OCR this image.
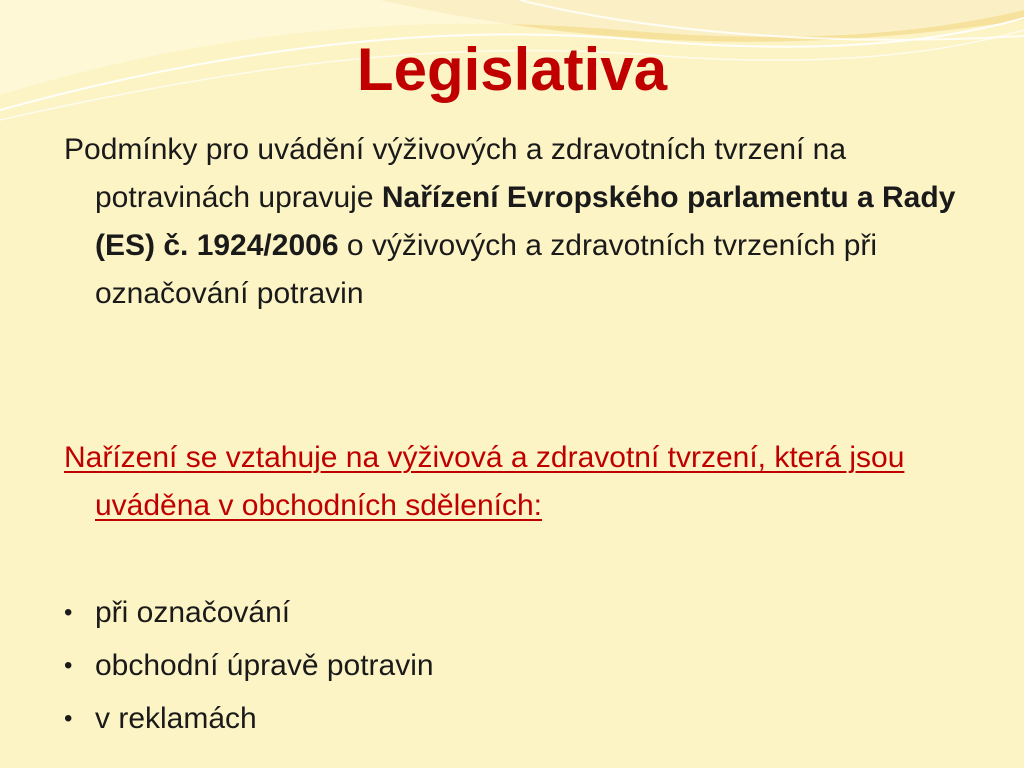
Legislativa

Podmínky pro uvádění výživových a zdravotních tvrzení na potravinách upravuje Nařízení Evropského parlamentu a Rady (ES) č. 1924/2006 o výživových a zdravotních tvrzeních při označování potravin

Nařízení se vztahuje na výživová a zdravotní tvrzení, která jsou uváděna v obchodních sděleních:

• při označování
• obchodní úpravě potravin
• v reklamách
